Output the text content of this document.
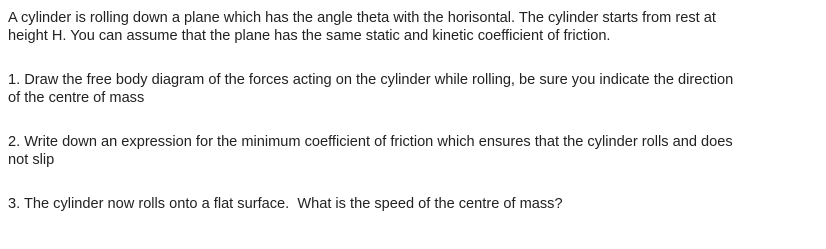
A cylinder is rolling down a plane which has the angle theta with the horisontal. The cylinder starts from rest at
height H. You can assume that the plane has the same static and kinetic coefficient of friction.

1. Draw the free body diagram of the forces acting on the cylinder while rolling, be sure you indicate the direction
of the centre of mass

2. Write down an expression for the minimum coefficient of friction which ensures that the cylinder rolls and does
not slip

3. The cylinder now rolls onto a flat surface.  What is the speed of the centre of mass?
